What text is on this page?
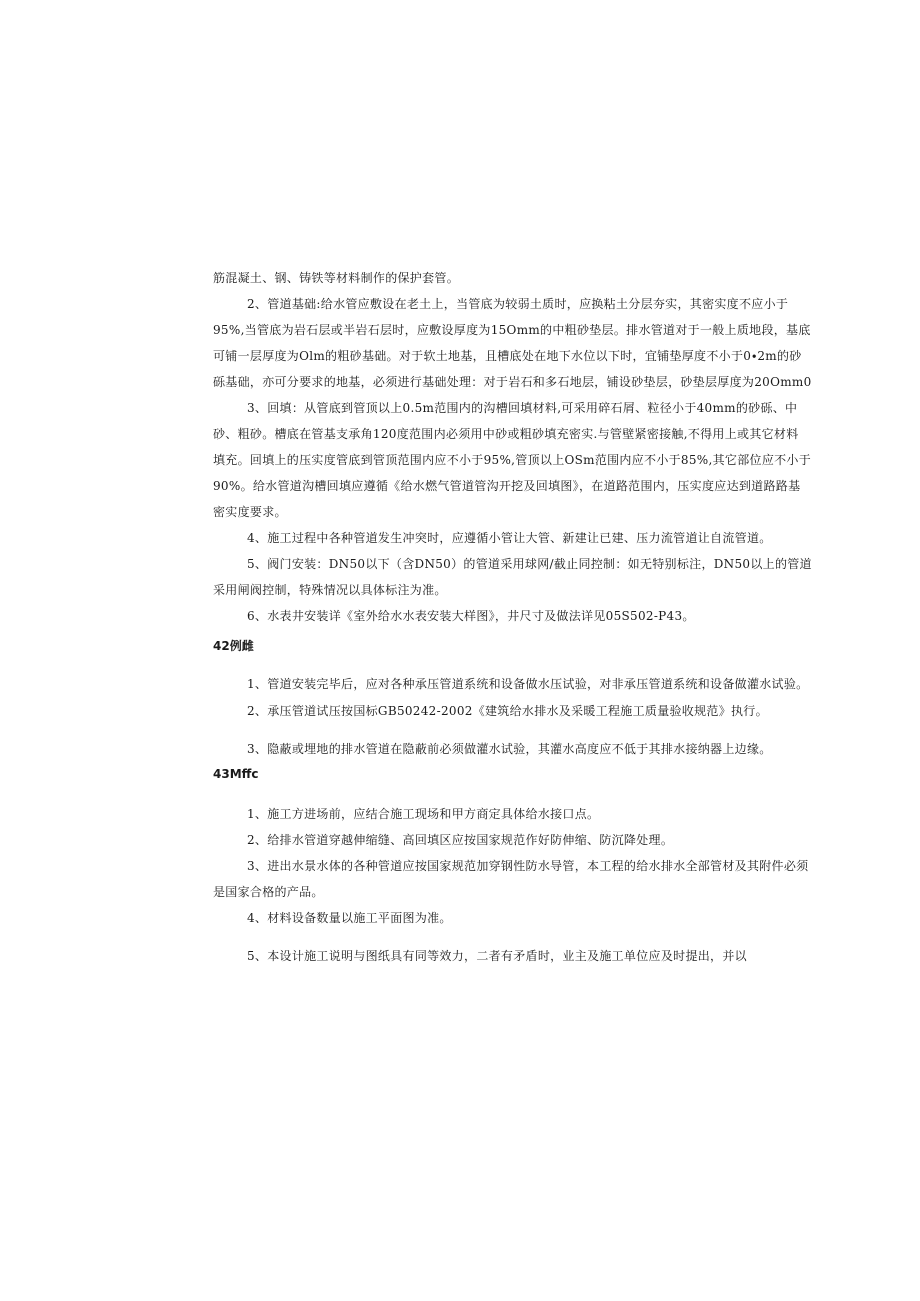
筋混凝土、钢、铸铁等材料制作的保护套管。
2、管道基础:给水管应敷设在老土上，当管底为较弱土质时，应换粘土分层夯实，其密实度不应小于
95%,当管底为岩石层或半岩石层时，应敷设厚度为15Omm的中粗砂垫层。排水管道对于一般上质地段，基底
可铺一层厚度为Olm的粗砂基础。对于软土地基，且槽底处在地下水位以下时，宜铺垫厚度不小于0∙2m的砂
砾基础，亦可分要求的地基，必须进行基础处理：对于岩石和多石地层，铺设砂垫层，砂垫层厚度为20Omm0
3、回填：从管底到管顶以上0.5m范围内的沟槽回填材料,可采用碎石屑、粒径小于40mm的砂砾、中
砂、粗砂。槽底在管基支承角120度范围内必须用中砂或粗砂填充密实.与管壁紧密接触,不得用上或其它材料
填充。回填上的压实度管底到管顶范围内应不小于95%,管顶以上OSm范围内应不小于85%,其它部位应不小于
90%。给水管道沟槽回填应遵循《给水燃气管道管沟开挖及回填图》，在道路范围内，压实度应达到道路路基
密实度要求。
4、施工过程中各种管道发生冲突时，应遵循小管让大管、新建让已建、压力流管道让自流管道。
5、阀门安装：DN50以下（含DN50）的管道采用球网/截止同控制：如无特别标注，DN50以上的管道
采用闸阀控制，特殊情况以具体标注为准。
6、水表井安装详《室外给水水表安装大样图》，井尺寸及做法详见05S502-P43。
42例雌
1、管道安装完毕后，应对各种承压管道系统和设备做水压试验，对非承压管道系统和设备做灌水试验。
2、承压管道试压按国标GB50242-2002《建筑给水排水及采暖工程施工质量验收规范》执行。
3、隐蔽或埋地的排水管道在隐蔽前必须做灌水试验，其灌水高度应不低于其排水接纳器上边缘。
43Mffc
1、施工方进场前，应结合施工现场和甲方商定具体给水接口点。
2、给排水管道穿越伸缩缝、高回填区应按国家规范作好防伸缩、防沉降处理。
3、进出水景水体的各种管道应按国家规范加穿钢性防水导管，本工程的给水排水全部管材及其附件必须
是国家合格的产品。
4、材料设备数量以施工平面图为准。
5、本设计施工说明与图纸具有同等效力，二者有矛盾时，业主及施工单位应及时提出，并以
